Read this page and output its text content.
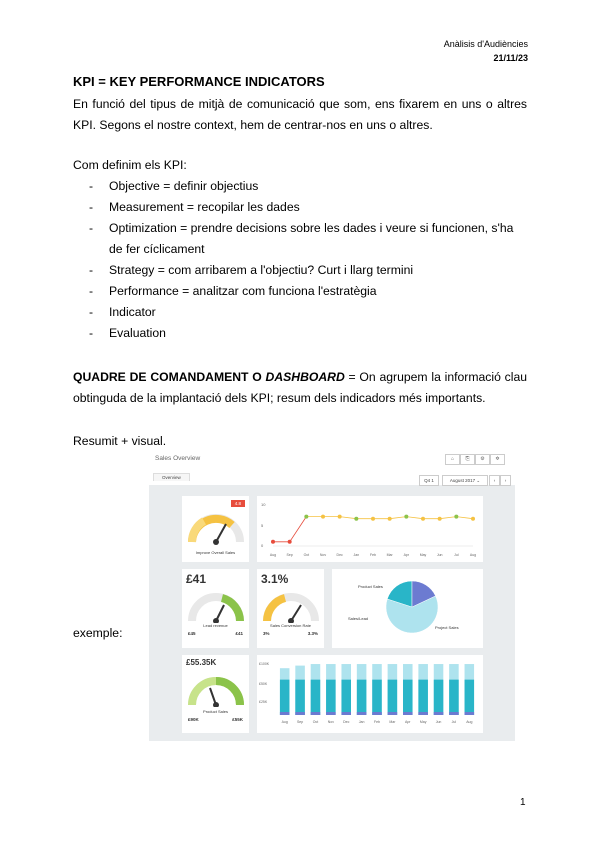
Anàlisis d'Audiències
21/11/23
KPI = KEY PERFORMANCE INDICATORS
En funció del tipus de mitjà de comunicació que som, ens fixarem en uns o altres KPI. Segons el nostre context, hem de centrar-nos en uns o altres.
Com definim els KPI:
- Objective = definir objectius
- Measurement = recopilar les dades
- Optimization = prendre decisions sobre les dades i veure si funcionen, s'ha de fer cíclicament
- Strategy = com arribarem a l'objectiu? Curt i llarg termini
- Performance = analitzar com funciona l'estratègia
- Indicator
- Evaluation
QUADRE DE COMANDAMENT O DASHBOARD = On agrupem la informació clau obtinguda de la implantació dels KPI; resum dels indicadors més importants.
Resumit + visual.
exemple:
Sales Overview	⌂	⎘	⚙	✲
Overview
Q4 1	August 2017 ⌄	‹	›
4.8
Improve Overall Sales
10
5
0
Aug	Sep	Oct	Nov	Dec	Jan	Feb	Mar	Apr	May	Jun	Jul	Aug
£41
Lead revenue
£45	£41
3.1%
Sales Conversion Rate
3%	3.3%
Product Sales
Sales/Lead
Project Sales
£55.35K
Product Sales
£90K	£55K
£100K
£50K
£25K
Aug	Sep	Oct	Nov	Dec	Jan	Feb	Mar	Apr	May	Jun	Jul	Aug
1
